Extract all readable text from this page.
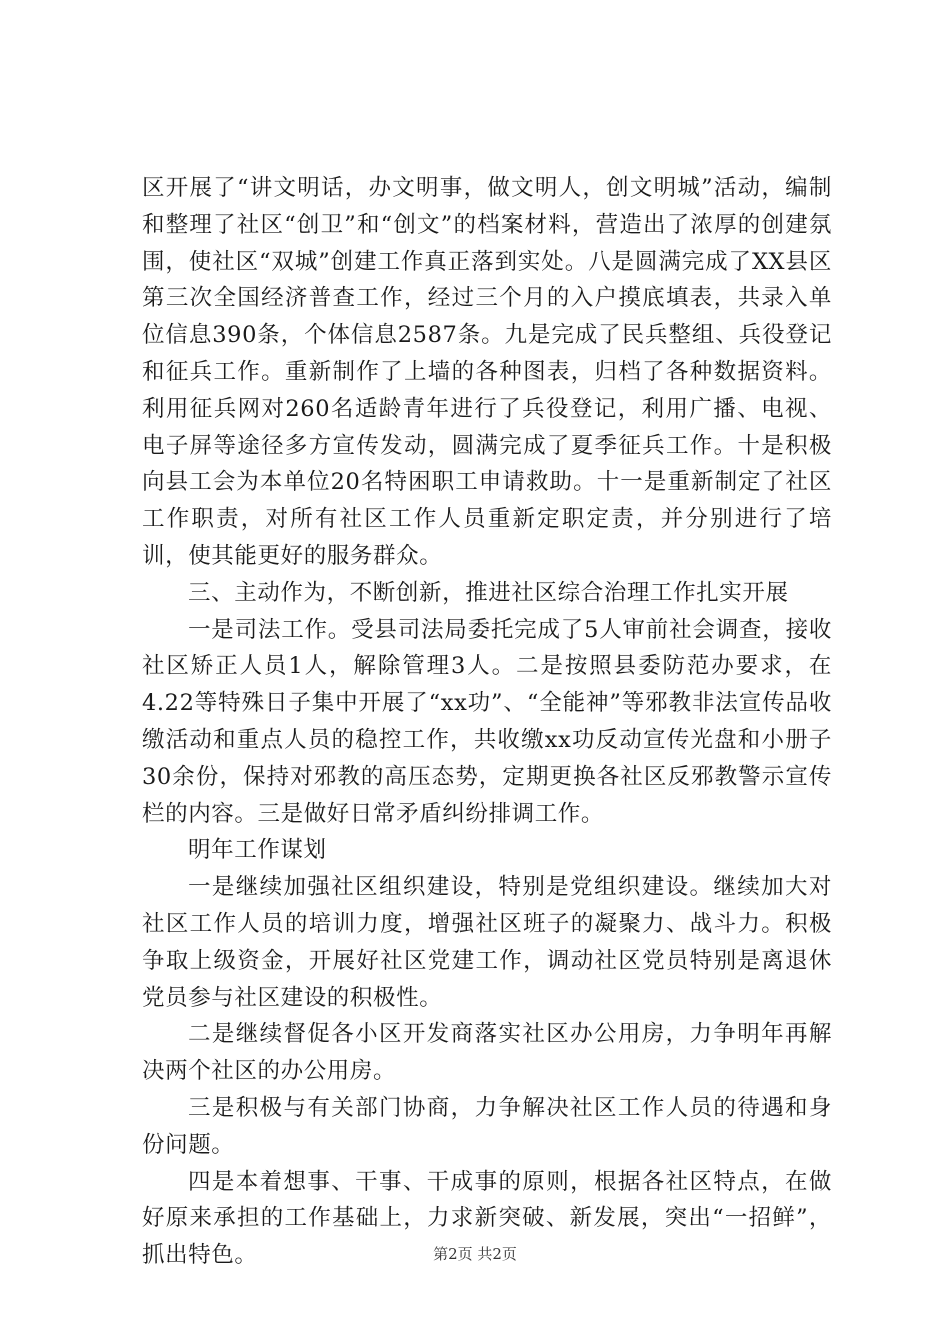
区开展了“讲文明话，办文明事，做文明人，创文明城”活动，编制和整理了社区“创卫”和“创文”的档案材料，营造出了浓厚的创建氛围，使社区“双城”创建工作真正落到实处。八是圆满完成了XX县区第三次全国经济普查工作，经过三个月的入户摸底填表，共录入单位信息390条，个体信息2587条。九是完成了民兵整组、兵役登记和征兵工作。重新制作了上墙的各种图表，归档了各种数据资料。利用征兵网对260名适龄青年进行了兵役登记，利用广播、电视、电子屏等途径多方宣传发动，圆满完成了夏季征兵工作。十是积极向县工会为本单位20名特困职工申请救助。十一是重新制定了社区工作职责，对所有社区工作人员重新定职定责，并分别进行了培训，使其能更好的服务群众。

三、主动作为，不断创新，推进社区综合治理工作扎实开展

一是司法工作。受县司法局委托完成了5人审前社会调查，接收社区矫正人员1人，解除管理3人。二是按照县委防范办要求，在4.22等特殊日子集中开展了“xx功”、“全能神”等邪教非法宣传品收缴活动和重点人员的稳控工作，共收缴xx功反动宣传光盘和小册子30余份，保持对邪教的高压态势，定期更换各社区反邪教警示宣传栏的内容。三是做好日常矛盾纠纷排调工作。

明年工作谋划

一是继续加强社区组织建设，特别是党组织建设。继续加大对社区工作人员的培训力度，增强社区班子的凝聚力、战斗力。积极争取上级资金，开展好社区党建工作，调动社区党员特别是离退休党员参与社区建设的积极性。

二是继续督促各小区开发商落实社区办公用房，力争明年再解决两个社区的办公用房。

三是积极与有关部门协商，力争解决社区工作人员的待遇和身份问题。

四是本着想事、干事、干成事的原则，根据各社区特点，在做好原来承担的工作基础上，力求新突破、新发展，突出“一招鲜”，抓出特色。	第2页 共2页
